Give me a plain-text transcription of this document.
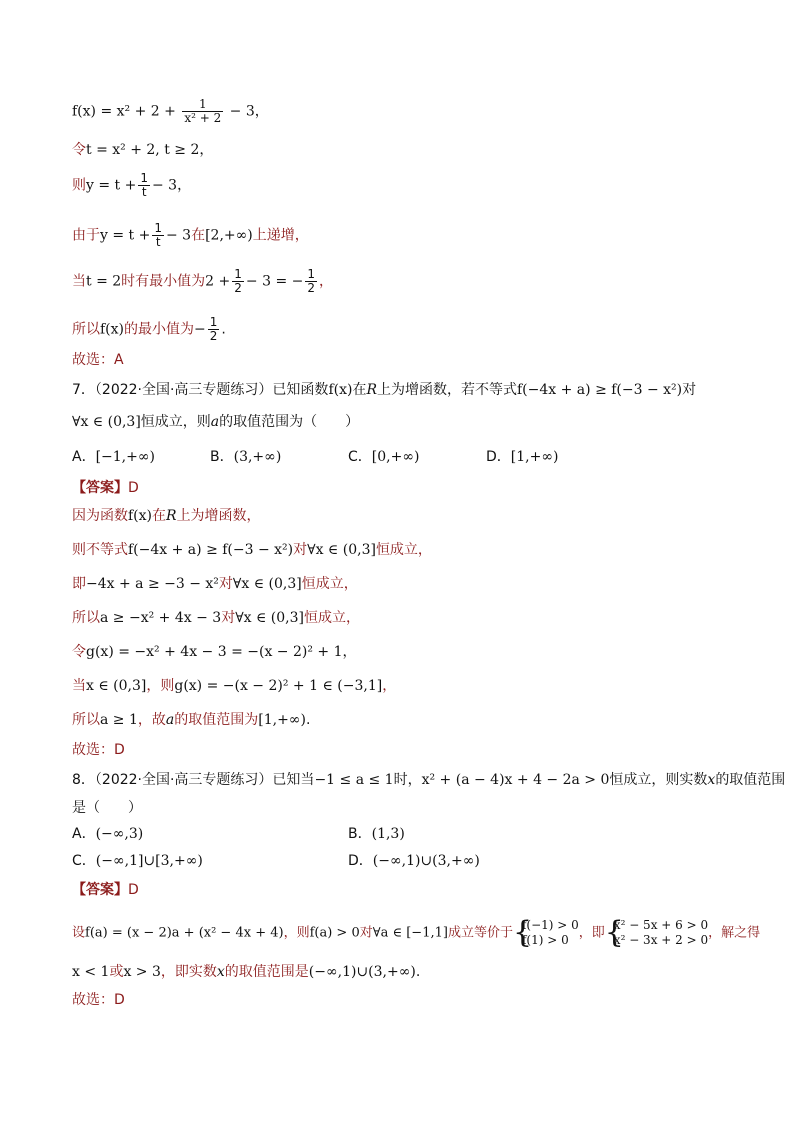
$f(x) = x^2 + 2 + \frac{1}{\text{x² + 2}} - 3$，
令t = x² + 2, t ≥ 2，
则$y = t + \frac{1}{t} - 3$，
由于$y = t + \frac{1}{t} - 3$在[2,+∞)上递增，
当t = 2时有最小值为$2 + \frac{1}{2} - 3$ = − $\frac{1}{2}$ ，
所以f(x)的最小值为− $\frac{1}{2}$ .
故选：A
7．（2022·全国·高三专题练习）已知函数f(x)在R上为增函数，若不等式f(−4x + a) ≥ f(−3 − x²)对
∀x ∈ (0,3]恒成立，则a的取值范围为（　　）
A．[−1,+∞)	B．(3,+∞)	C．[0,+∞)	D．[1,+∞)
【答案】D
因为函数f(x)在R上为增函数，
则不等式f(−4x + a) ≥ f(−3 − x²)对∀x ∈ (0,3]恒成立，
即−4x + a ≥ −3 − x²对∀x ∈ (0,3]恒成立，
所以a ≥ −x² + 4x − 3对∀x ∈ (0,3]恒成立，
令g(x) = −x² + 4x − 3 = −(x − 2)² + 1，
当x ∈ (0,3]，则g(x) = −(x − 2)² + 1 ∈ (−3,1]，
所以a ≥ 1，故a的取值范围为[1,+∞).
故选：D
8．（2022·全国·高三专题练习）已知当−1 ≤ a ≤ 1时，x² + (a − 4)x + 4 − 2a > 0恒成立，则实数x的取值范围
是（　　）
A．(−∞,3)	B．(1,3)
C．(−∞,1]∪[3,+∞)	D．(−∞,1)∪(3,+∞)
【答案】D
设f(a) = (x − 2)a + (x² − 4x + 4)，则f(a) > 0对∀a ∈ [−1,1]成立等价于 {
f(−1) > 0
f(1) > 0 ，即 {
x² − 5x + 6 > 0
x² − 3x + 2 > 0 ，解之得
x < 1或x > 3，即实数x的取值范围是(−∞,1)∪(3,+∞).
故选：D
